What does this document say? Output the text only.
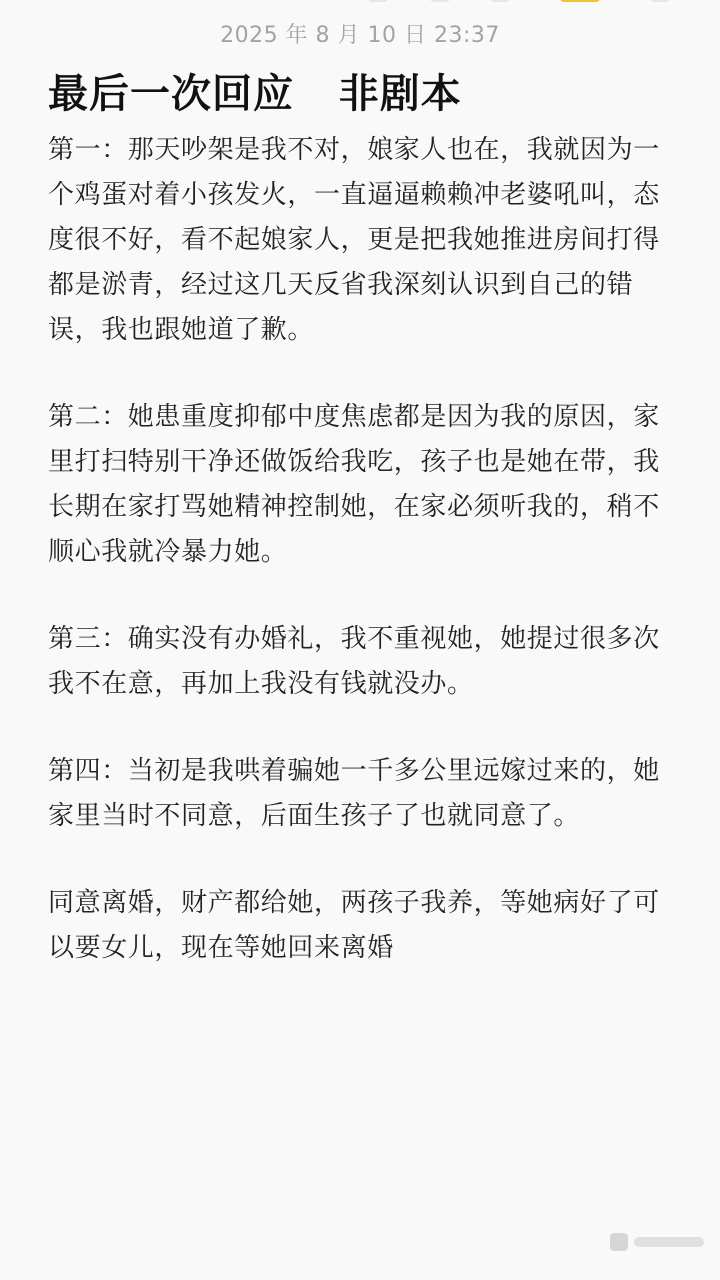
2025 年 8 月 10 日 23:37
最后一次回应   非剧本

第一：那天吵架是我不对，娘家人也在，我就因为一个鸡蛋对着小孩发火，一直逼逼赖赖冲老婆吼叫，态度很不好，看不起娘家人，更是把我她推进房间打得都是淤青，经过这几天反省我深刻认识到自己的错误，我也跟她道了歉。

第二：她患重度抑郁中度焦虑都是因为我的原因，家里打扫特别干净还做饭给我吃，孩子也是她在带，我长期在家打骂她精神控制她，在家必须听我的，稍不顺心我就冷暴力她。

第三：确实没有办婚礼，我不重视她，她提过很多次我不在意，再加上我没有钱就没办。

第四：当初是我哄着骗她一千多公里远嫁过来的，她家里当时不同意，后面生孩子了也就同意了。

同意离婚，财产都给她，两孩子我养，等她病好了可以要女儿，现在等她回来离婚
